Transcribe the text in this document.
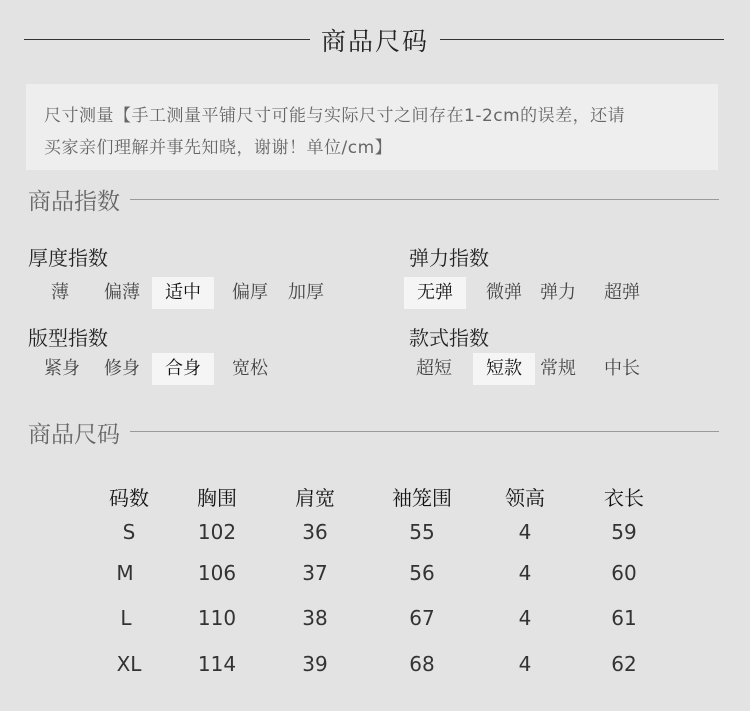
商品尺码
尺寸测量【手工测量平铺尺寸可能与实际尺寸之间存在1-2cm的误差，还请
买家亲们理解并事先知晓，谢谢！单位/cm】
商品指数
厚度指数
薄	偏薄	适中	偏厚	加厚
弹力指数
无弹	微弹	弹力	超弹
版型指数
紧身	修身	合身	宽松
款式指数
超短	短款	常规	中长
商品尺码
码数	胸围	肩宽	袖笼围	领高	衣长
S	102	36	55	4	59
M	106	37	56	4	60
L	110	38	67	4	61
XL	114	39	68	4	62
